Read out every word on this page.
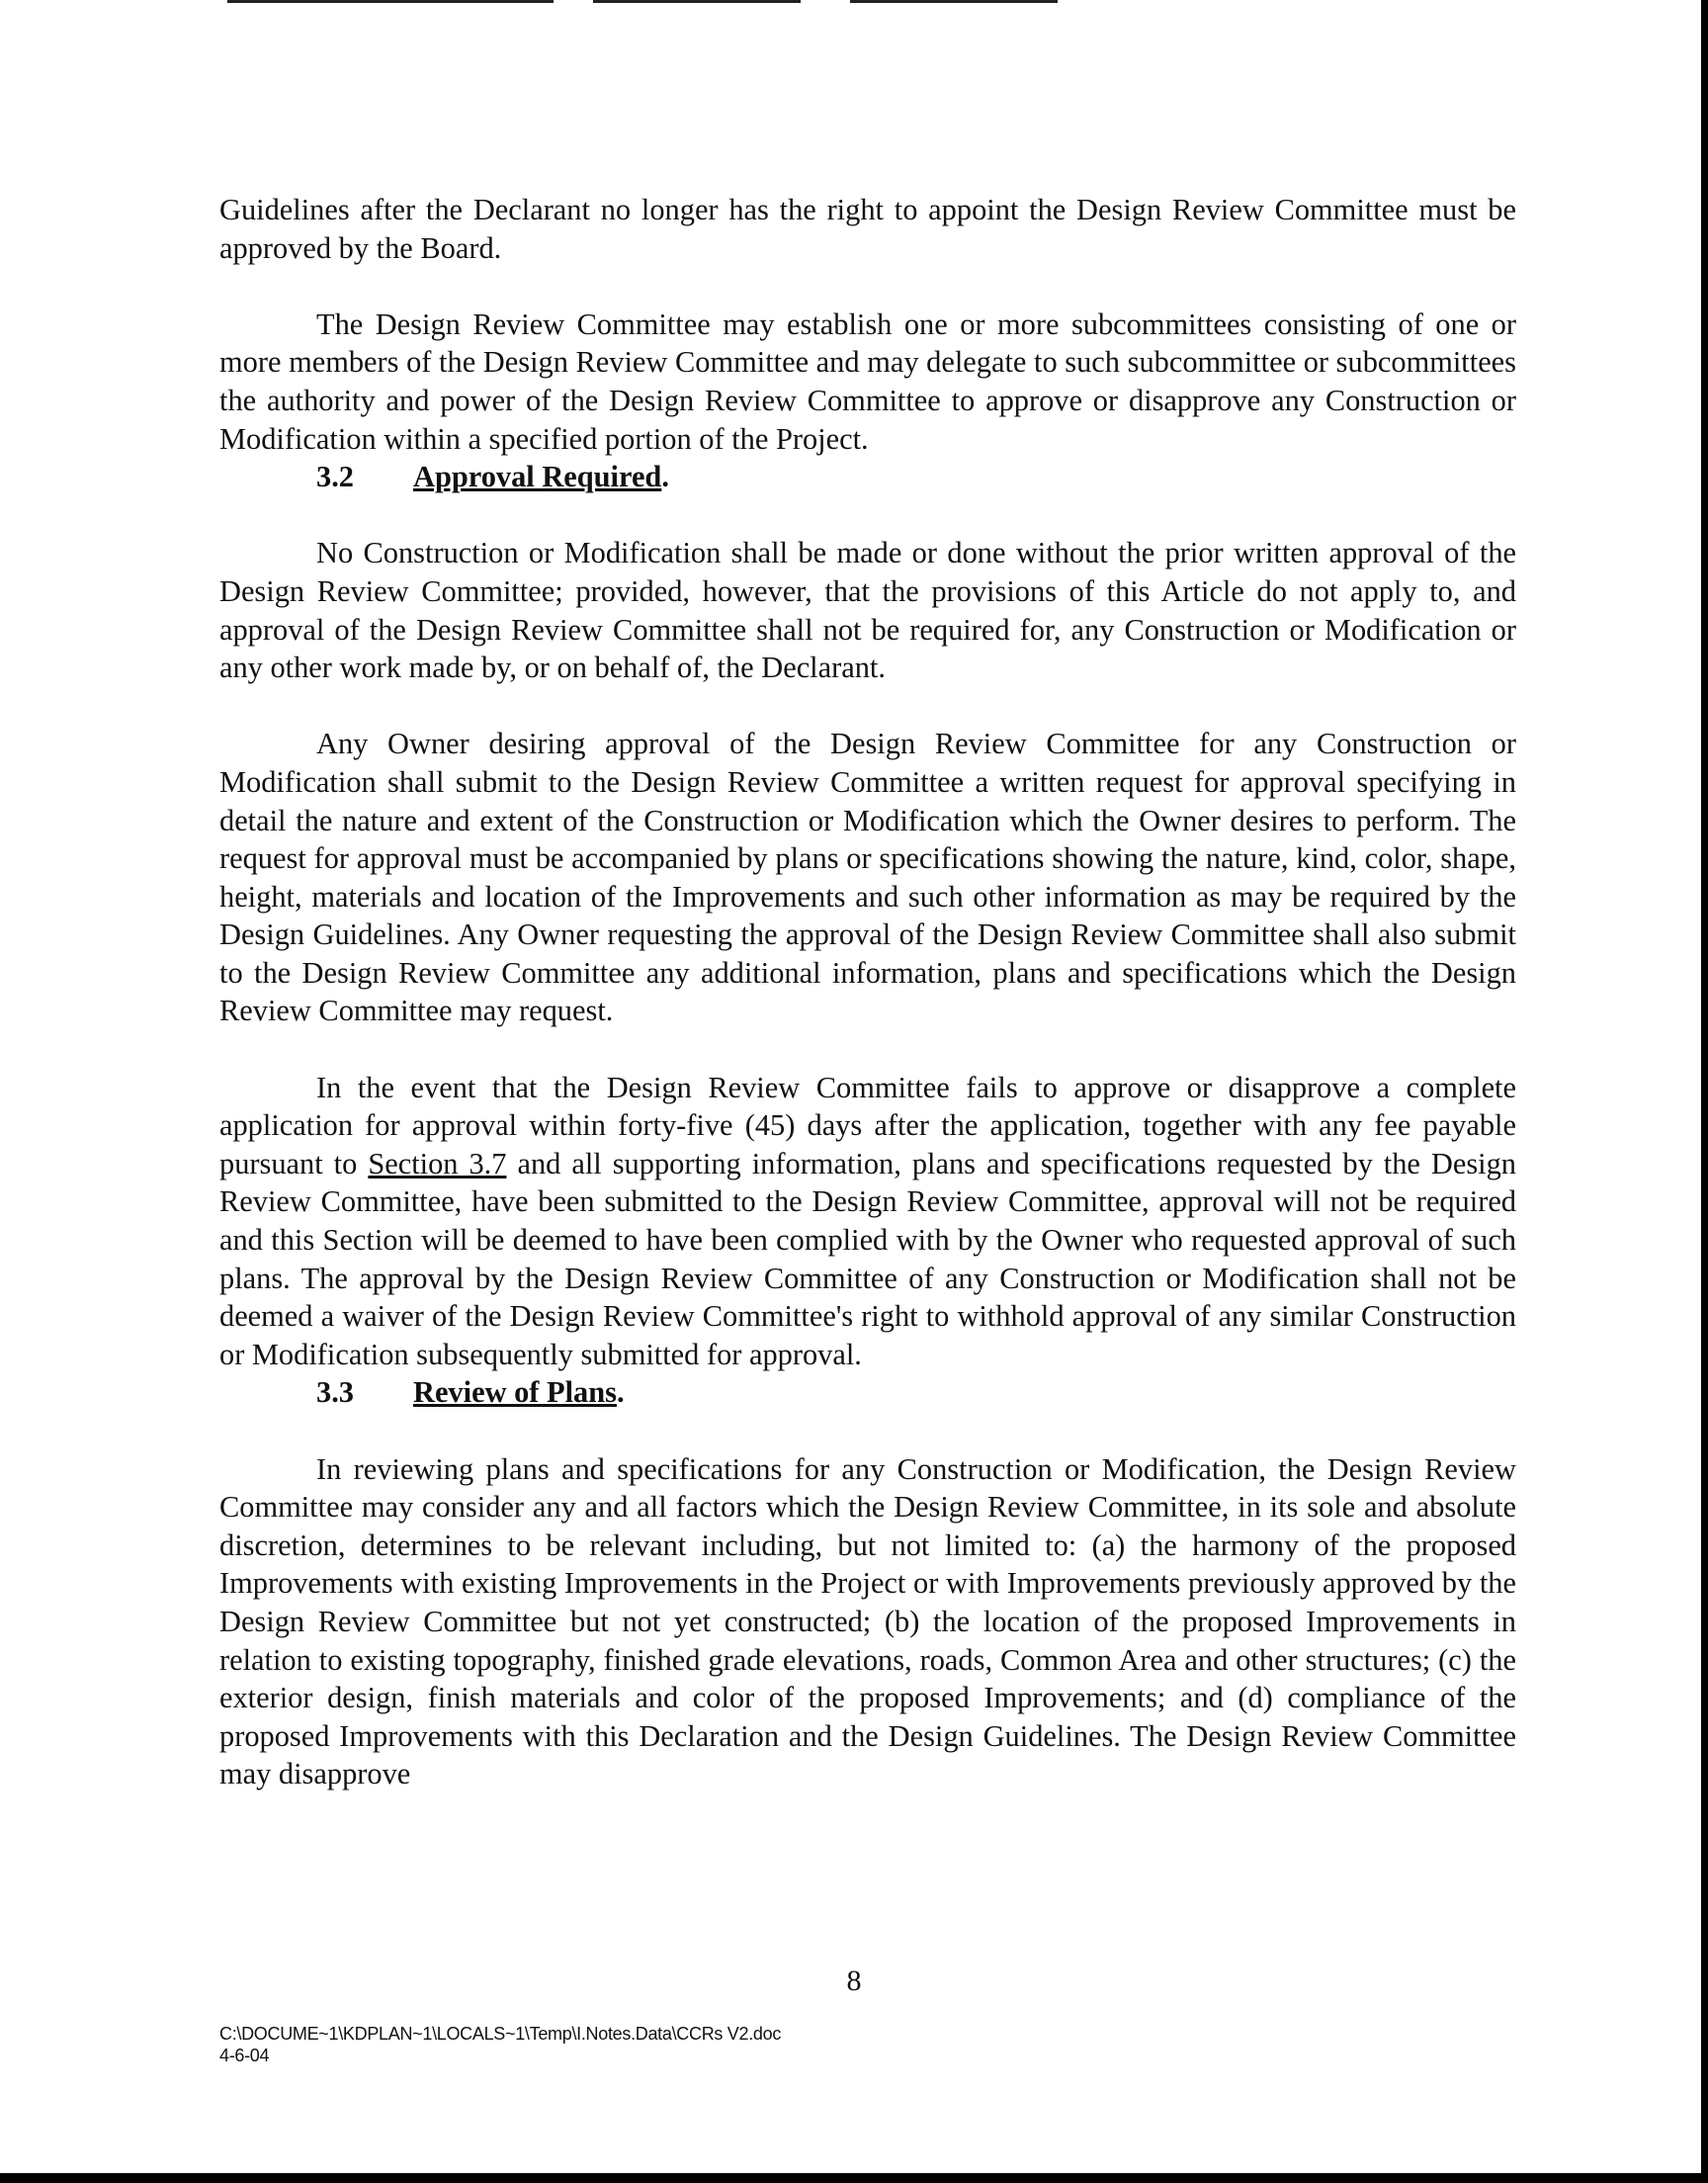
Guidelines after the Declarant no longer has the right to appoint the Design Review Committee must be approved by the Board.

The Design Review Committee may establish one or more subcommittees consisting of one or more members of the Design Review Committee and may delegate to such subcommittee or subcommittees the authority and power of the Design Review Committee to approve or disapprove any Construction or Modification within a specified portion of the Project.

3.2 Approval Required.

No Construction or Modification shall be made or done without the prior written approval of the Design Review Committee; provided, however, that the provisions of this Article do not apply to, and approval of the Design Review Committee shall not be required for, any Construction or Modification or any other work made by, or on behalf of, the Declarant.

Any Owner desiring approval of the Design Review Committee for any Construction or Modification shall submit to the Design Review Committee a written request for approval specifying in detail the nature and extent of the Construction or Modification which the Owner desires to perform. The request for approval must be accompanied by plans or specifications showing the nature, kind, color, shape, height, materials and location of the Improvements and such other information as may be required by the Design Guidelines. Any Owner requesting the approval of the Design Review Committee shall also submit to the Design Review Committee any additional information, plans and specifications which the Design Review Committee may request.

In the event that the Design Review Committee fails to approve or disapprove a complete application for approval within forty-five (45) days after the application, together with any fee payable pursuant to Section 3.7 and all supporting information, plans and specifications requested by the Design Review Committee, have been submitted to the Design Review Committee, approval will not be required and this Section will be deemed to have been complied with by the Owner who requested approval of such plans. The approval by the Design Review Committee of any Construction or Modification shall not be deemed a waiver of the Design Review Committee's right to withhold approval of any similar Construction or Modification subsequently submitted for approval.

3.3 Review of Plans.

In reviewing plans and specifications for any Construction or Modification, the Design Review Committee may consider any and all factors which the Design Review Committee, in its sole and absolute discretion, determines to be relevant including, but not limited to: (a) the harmony of the proposed Improvements with existing Improvements in the Project or with Improvements previously approved by the Design Review Committee but not yet constructed; (b) the location of the proposed Improvements in relation to existing topography, finished grade elevations, roads, Common Area and other structures; (c) the exterior design, finish materials and color of the proposed Improvements; and (d) compliance of the proposed Improvements with this Declaration and the Design Guidelines. The Design Review Committee may disapprove

8
C:\DOCUME~1\KDPLAN~1\LOCALS~1\Temp\I.Notes.Data\CCRs V2.doc
4-6-04
